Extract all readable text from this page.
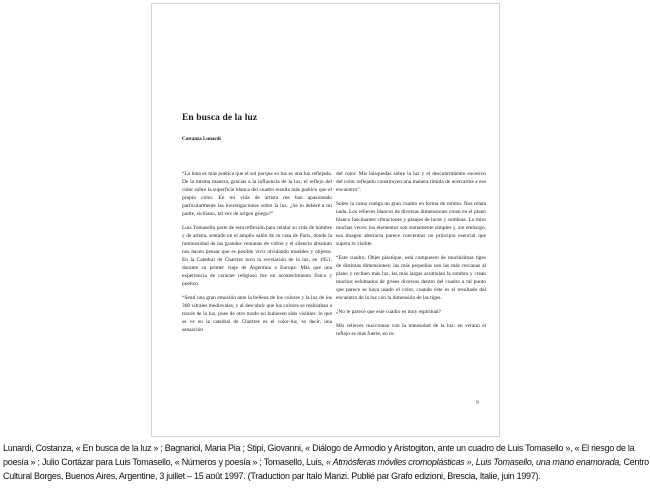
En busca de la luz

Costanza Lunardi

“La luna es más poética que el sol porque su luz es una luz reflejada. De la misma manera, gracias a la influencia de la luz, el reflejo del color sobre la superficie blanca del cuadro resulta más poético que el propio color. En mi vida de artista me han apasionado particularmente las investigaciones sobre la luz. ¿Se lo deberé a mi padre, siciliano, tal vez de origen griego?”

Luis Tomasello parte de esta reflexión para relatar su vida de hombre y de artista, sentado en el amplio salón de su casa de Paris, donde la luminosidad de las grandes ventanas de vidrio y el silencio absoluto nos hacen pensar que es posible vivir olvidando muebles y objetos. En la Catedral de Chartres tuvo la revelación de la luz, en 1951, durante su primer viaje de Argentina a Europa. Más que una experiencia de carácter religioso fue un acontecimiento físico y poético.

“Sentí una gran emoción ante la belleza de los colores y la luz de los 360 vitrales medievales, y al descubrir que los colores se realizaban a través de la luz, pues de otro modo no hubiesen sido visibles: lo que se ve en la catedral de Chartres es el color-luz, es decir, una sensación

del color. Mis búsquedas sobre la luz y el descubrimiento sucesivo del color reflejado constituyen una manera tímida de acercarme a ese encuentro”.

Sobre la cama cuelga un gran cuadro en forma de rombo. Nos relata nada. Los relieves blancos de diversas dimensiones crean en el plano blanco fascinantes vibraciones y pasajes de luces y sombras. Lo miro muchas veces: los elementos son sumamente simples y, sin embargo, esa imagen abstracta parece concentrar un principio esencial que supera lo visible.

“Este cuadro, Objet plastique, está compuesto de muchísimas tiges de distintas dimensiones: las más pequeñas son las más cercanas al plano y reciben más luz, las más largas acumulan la sombra y crean muchos esfumados de grises diversos dentro del cuadro a tal punto que parece se haya usado el color, cuando éste es el resultado del encuentro de la luz con la dimensión de las tiges.

¿No le parece que este cuadro es muy espiritual?

Mis relieves reaccionan con la intensidad de la luz: en verano el reflejo es más fuerte, en in-

9

Lunardi, Costanza, « En busca de la luz » ; Bagnariol, Maria Pia ; Stipi, Giovanni, « Diálogo de Armodio y Aristogiton, ante un cuadro de Luis Tomasello », « El riesgo de la poesía » ; Julio Cortázar para Luis Tomasello, « Números y poesía » ; Tomasello, Luis, « Atmósferas móviles cromoplásticas », Luis Tomasello, una mano enamorada, Centro Cultural Borges, Buenos Aires, Argentine, 3 juillet – 15 août 1997. (Traduction par Italo Manzi. Publié par Grafo edizioni, Brescia, Italie, juin 1997).
